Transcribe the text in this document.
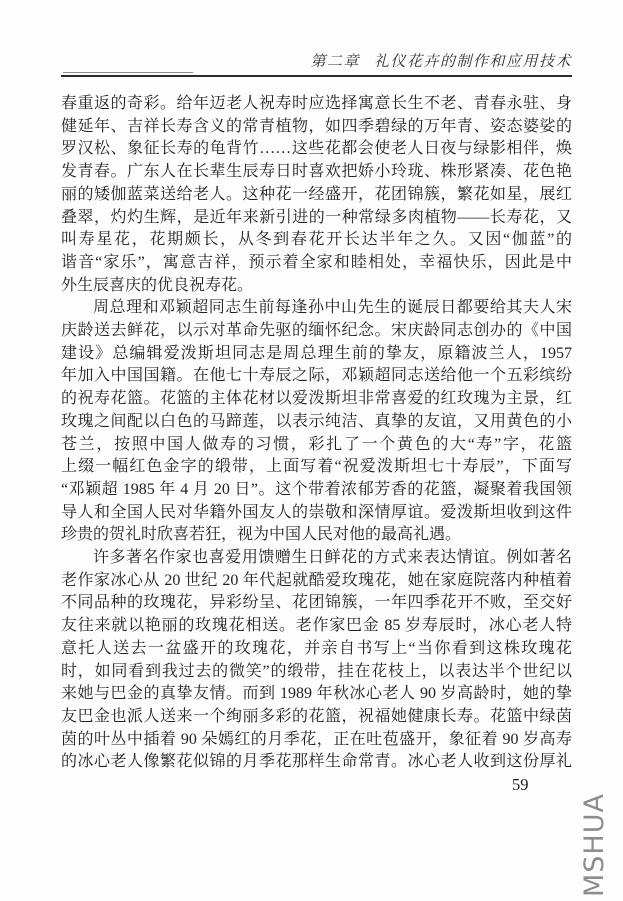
第二章 礼仪花卉的制作和应用技术
春重返的奇彩。给年迈老人祝寿时应选择寓意长生不老、青春永驻、身
健延年、吉祥长寿含义的常青植物，如四季碧绿的万年青、姿态婆娑的
罗汉松、象征长寿的龟背竹……这些花都会使老人日夜与绿影相伴，焕
发青春。广东人在长辈生辰寿日时喜欢把娇小玲珑、株形紧凑、花色艳
丽的矮伽蓝菜送给老人。这种花一经盛开，花团锦簇，繁花如星，展红
叠翠，灼灼生辉，是近年来新引进的一种常绿多肉植物——长寿花，又
叫寿星花，花期颇长，从冬到春花开长达半年之久。又因“伽蓝”的
谐音“家乐”，寓意吉祥，预示着全家和睦相处，幸福快乐，因此是中
外生辰喜庆的优良祝寿花。
周总理和邓颖超同志生前每逢孙中山先生的诞辰日都要给其夫人宋
庆龄送去鲜花，以示对革命先驱的缅怀纪念。宋庆龄同志创办的《中国
建设》总编辑爱泼斯坦同志是周总理生前的挚友，原籍波兰人，1957
年加入中国国籍。在他七十寿辰之际，邓颖超同志送给他一个五彩缤纷
的祝寿花篮。花篮的主体花材以爱泼斯坦非常喜爱的红玫瑰为主景，红
玫瑰之间配以白色的马蹄莲，以表示纯洁、真挚的友谊，又用黄色的小
苍兰，按照中国人做寿的习惯，彩扎了一个黄色的大“寿”字，花篮
上缀一幅红色金字的缎带，上面写着“祝爱泼斯坦七十寿辰”，下面写
“邓颖超 1985 年 4 月 20 日”。这个带着浓郁芳香的花篮，凝聚着我国领
导人和全国人民对华籍外国友人的崇敬和深情厚谊。爱泼斯坦收到这件
珍贵的贺礼时欣喜若狂，视为中国人民对他的最高礼遇。
许多著名作家也喜爱用馈赠生日鲜花的方式来表达情谊。例如著名
老作家冰心从 20 世纪 20 年代起就酷爱玫瑰花，她在家庭院落内种植着
不同品种的玫瑰花，异彩纷呈、花团锦簇，一年四季花开不败，至交好
友往来就以艳丽的玫瑰花相送。老作家巴金 85 岁寿辰时，冰心老人特
意托人送去一盆盛开的玫瑰花，并亲自书写上“当你看到这株玫瑰花
时，如同看到我过去的微笑”的缎带，挂在花枝上，以表达半个世纪以
来她与巴金的真挚友情。而到 1989 年秋冰心老人 90 岁高龄时，她的挚
友巴金也派人送来一个绚丽多彩的花篮，祝福她健康长寿。花篮中绿茵
茵的叶丛中插着 90 朵嫣红的月季花，正在吐苞盛开，象征着 90 岁高寿
的冰心老人像繁花似锦的月季花那样生命常青。冰心老人收到这份厚礼
59
MSHUA
